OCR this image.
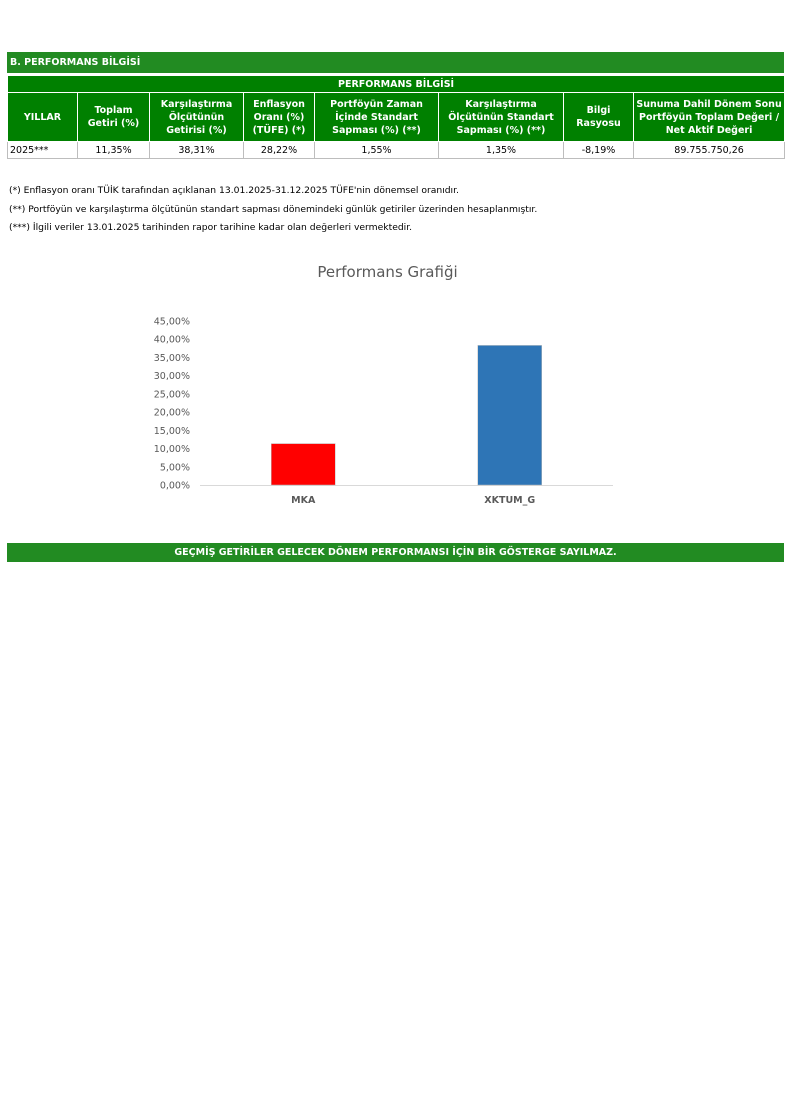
B. PERFORMANS BİLGİSİ
PERFORMANS BİLGİSİ							
YILLAR	Toplam Getiri (%)	Karşılaştırma Ölçütünün Getirisi (%)	Enflasyon Oranı (%) (TÜFE) (*)	Portföyün Zaman İçinde Standart Sapması (%) (**)	Karşılaştırma Ölçütünün Standart Sapması (%) (**)	Bilgi Rasyosu	Sunuma Dahil Dönem Sonu Portföyün Toplam Değeri / Net Aktif Değeri
2025***	11,35%	38,31%	28,22%	1,55%	1,35%	-8,19%	89.755.750,26
(*) Enflasyon oranı TÜİK tarafından açıklanan 13.01.2025-31.12.2025 TÜFE'nin dönemsel oranıdır.
(**) Portföyün ve karşılaştırma ölçütünün standart sapması dönemindeki günlük getiriler üzerinden hesaplanmıştır.
(***) İlgili veriler 13.01.2025 tarihinden rapor tarihine kadar olan değerleri vermektedir.
Performans Grafiği
0,00%
5,00%
10,00%
15,00%
20,00%
25,00%
30,00%
35,00%
40,00%
45,00%
MKA	XKTUM_G
GEÇMİŞ GETİRİLER GELECEK DÖNEM PERFORMANSI İÇİN BİR GÖSTERGE SAYILMAZ.
